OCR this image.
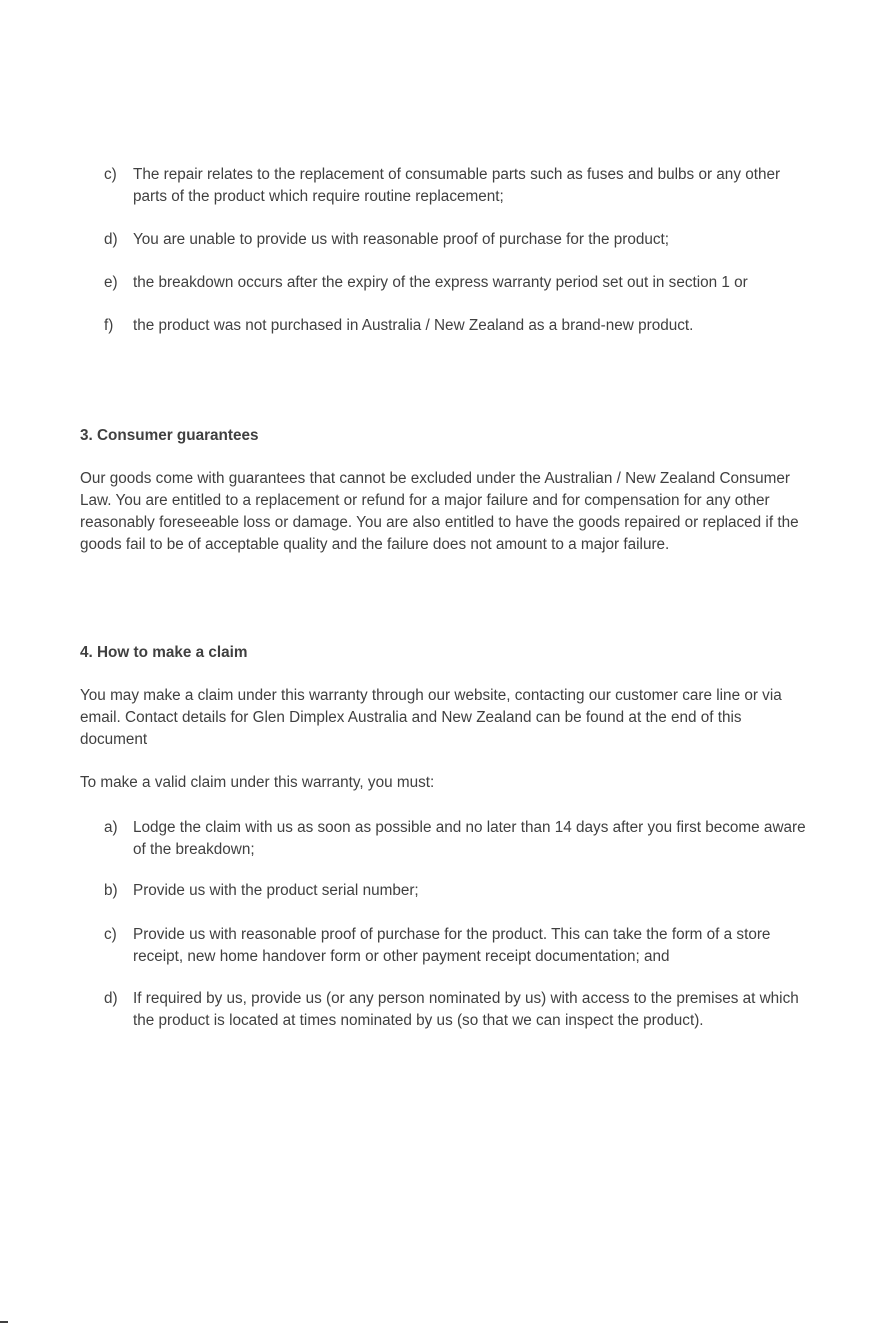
c)	The repair relates to the replacement of consumable parts such as fuses and bulbs or any other parts of the product which require routine replacement;

d)	You are unable to provide us with reasonable proof of purchase for the product;

e)	the breakdown occurs after the expiry of the express warranty period set out in section 1 or

f)	the product was not purchased in Australia / New Zealand as a brand-new product.

3. Consumer guarantees

Our goods come with guarantees that cannot be excluded under the Australian / New Zealand Consumer Law. You are entitled to a replacement or refund for a major failure and for compensation for any other reasonably foreseeable loss or damage. You are also entitled to have the goods repaired or replaced if the goods fail to be of acceptable quality and the failure does not amount to a major failure.

4. How to make a claim

You may make a claim under this warranty through our website, contacting our customer care line or via email. Contact details for Glen Dimplex Australia and New Zealand can be found at the end of this document

To make a valid claim under this warranty, you must:

a)	Lodge the claim with us as soon as possible and no later than 14 days after you first become aware of the breakdown;

b)	Provide us with the product serial number;

c)	Provide us with reasonable proof of purchase for the product. This can take the form of a store receipt, new home handover form or other payment receipt documentation; and

d)	If required by us, provide us (or any person nominated by us) with access to the premises at which the product is located at times nominated by us (so that we can inspect the product).
